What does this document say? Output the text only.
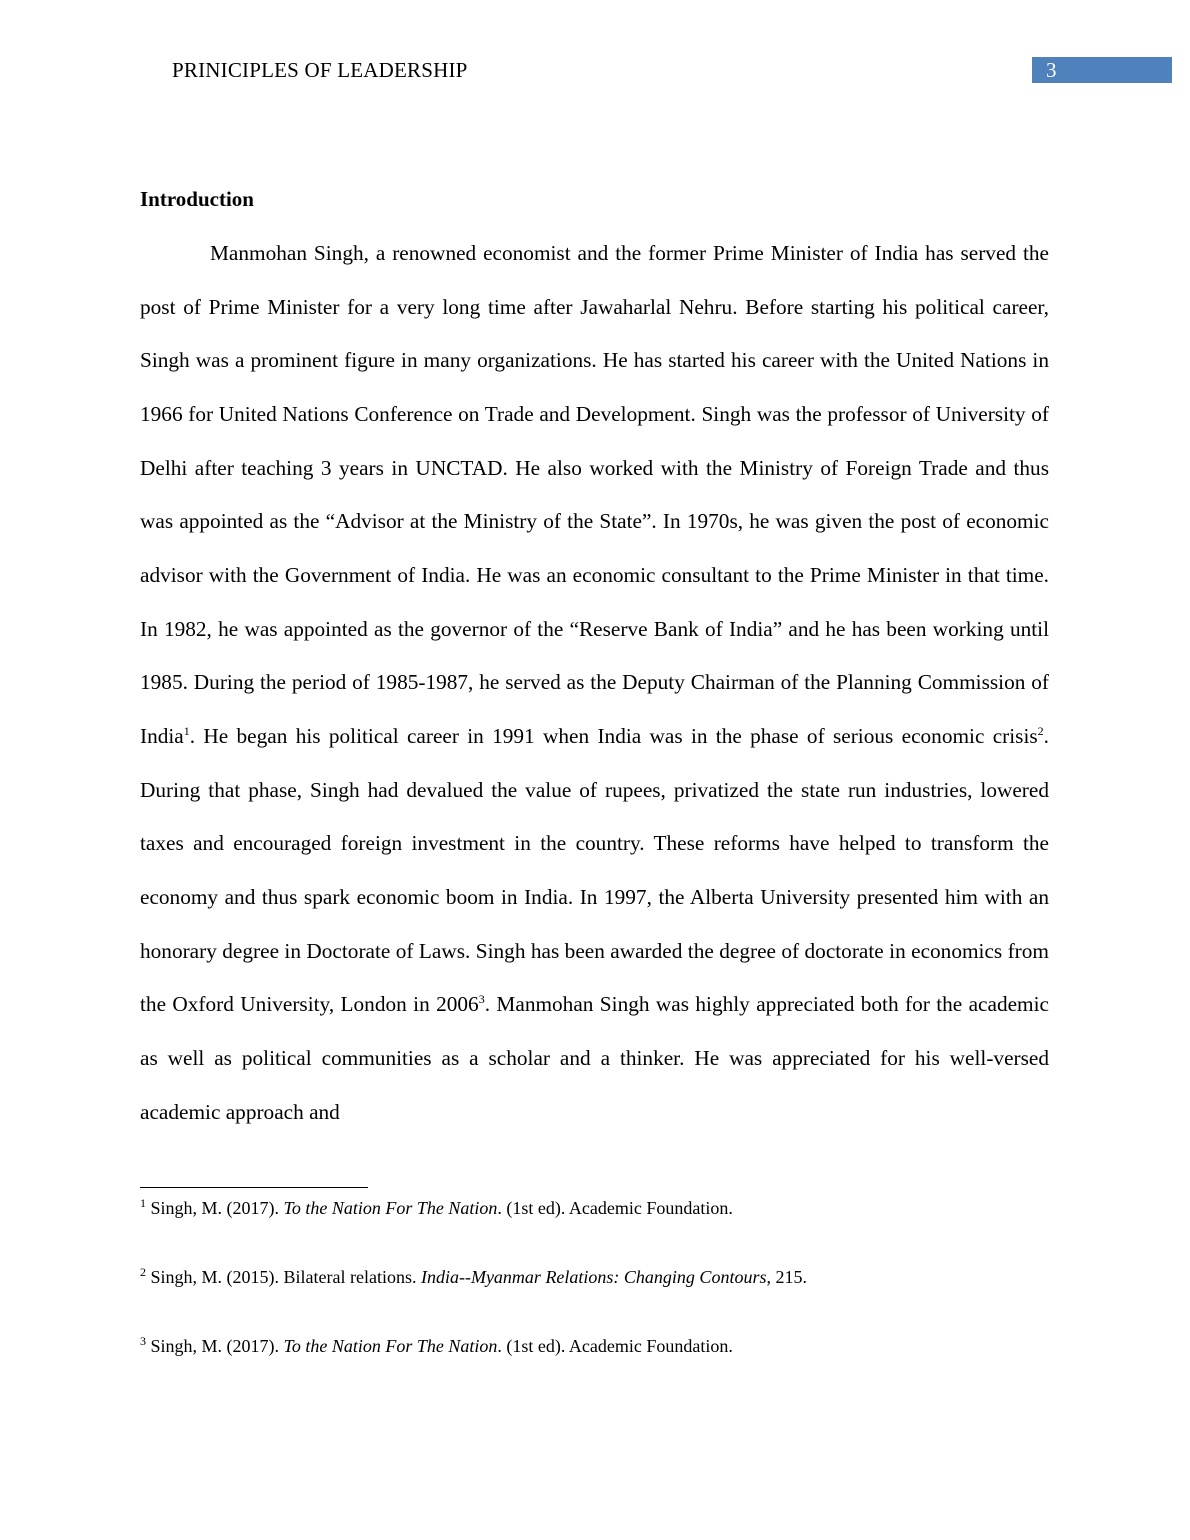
PRINICIPLES OF LEADERSHIP	3
Introduction

Manmohan Singh, a renowned economist and the former Prime Minister of India has served the post of Prime Minister for a very long time after Jawaharlal Nehru. Before starting his political career, Singh was a prominent figure in many organizations. He has started his career with the United Nations in 1966 for United Nations Conference on Trade and Development. Singh was the professor of University of Delhi after teaching 3 years in UNCTAD. He also worked with the Ministry of Foreign Trade and thus was appointed as the “Advisor at the Ministry of the State”. In 1970s, he was given the post of economic advisor with the Government of India. He was an economic consultant to the Prime Minister in that time. In 1982, he was appointed as the governor of the “Reserve Bank of India” and he has been working until 1985. During the period of 1985-1987, he served as the Deputy Chairman of the Planning Commission of India$^1$. He began his political career in 1991 when India was in the phase of serious economic crisis$^2$. During that phase, Singh had devalued the value of rupees, privatized the state run industries, lowered taxes and encouraged foreign investment in the country. These reforms have helped to transform the economy and thus spark economic boom in India. In 1997, the Alberta University presented him with an honorary degree in Doctorate of Laws. Singh has been awarded the degree of doctorate in economics from the Oxford University, London in 2006$^3$. Manmohan Singh was highly appreciated both for the academic as well as political communities as a scholar and a thinker. He was appreciated for his well-versed academic approach and

$^1$ Singh, M. (2017). To the Nation For The Nation. (1st ed). Academic Foundation.
$^2$ Singh, M. (2015). Bilateral relations. India--Myanmar Relations: Changing Contours, 215.
$^3$ Singh, M. (2017). To the Nation For The Nation. (1st ed). Academic Foundation.
